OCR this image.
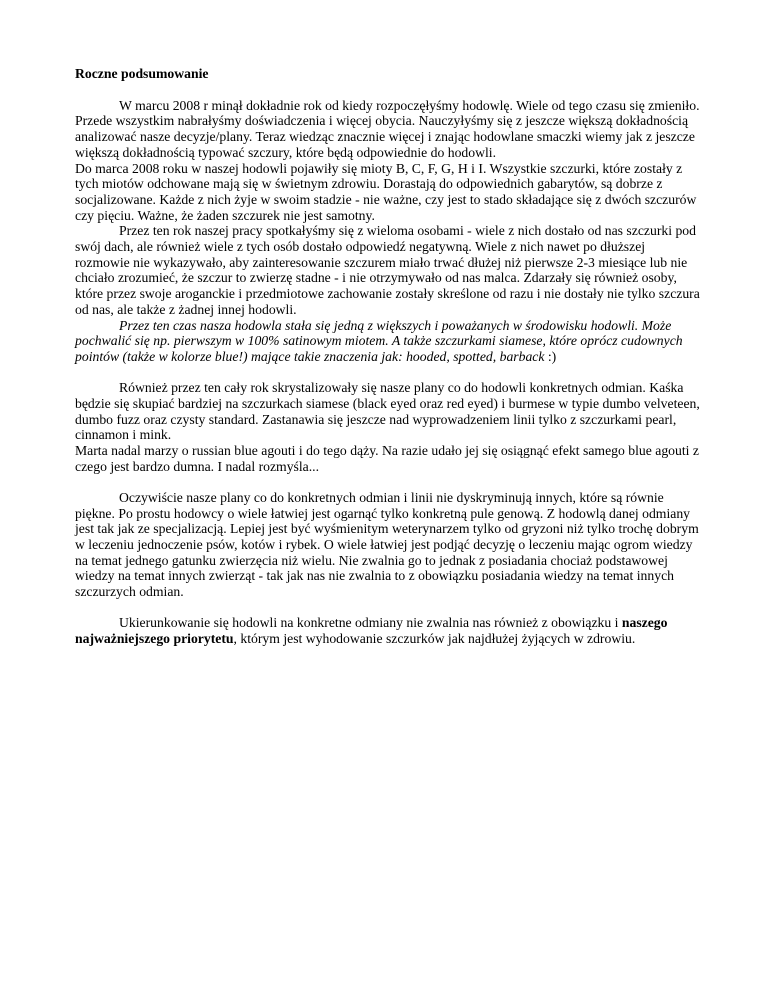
Roczne podsumowanie

W marcu 2008 r minął dokładnie rok od kiedy rozpoczęłyśmy hodowlę. Wiele od tego czasu się zmieniło. Przede wszystkim nabrałyśmy doświadczenia i więcej obycia. Nauczyłyśmy się z jeszcze większą dokładnością analizować nasze decyzje/plany. Teraz wiedząc znacznie więcej i znając hodowlane smaczki wiemy jak z jeszcze większą dokładnością typować szczury, które będą odpowiednie do hodowli.

Do marca 2008 roku w naszej hodowli pojawiły się mioty B, C, F, G, H i I. Wszystkie szczurki, które zostały z tych miotów odchowane mają się w świetnym zdrowiu. Dorastają do odpowiednich gabarytów, są dobrze z socjalizowane. Każde z nich żyje w swoim stadzie - nie ważne, czy jest to stado składające się z dwóch szczurów czy pięciu. Ważne, że żaden szczurek nie jest samotny.

Przez ten rok naszej pracy spotkałyśmy się z wieloma osobami - wiele z nich dostało od nas szczurki pod swój dach, ale również wiele z tych osób dostało odpowiedź negatywną. Wiele z nich nawet po dłuższej rozmowie nie wykazywało, aby zainteresowanie szczurem miało trwać dłużej niż pierwsze 2-3 miesiące lub nie chciało zrozumieć, że szczur to zwierzę stadne - i nie otrzymywało od nas malca. Zdarzały się również osoby, które przez swoje aroganckie i przedmiotowe zachowanie zostały skreślone od razu i nie dostały nie tylko szczura od nas, ale także z żadnej innej hodowli.

Przez ten czas nasza hodowla stała się jedną z większych i poważanych w środowisku hodowli. Może pochwalić się np. pierwszym w 100% satinowym miotem. A także szczurkami siamese, które oprócz cudownych pointów (także w kolorze blue!) mające takie znaczenia jak: hooded, spotted, barback :)

Również przez ten cały rok skrystalizowały się nasze plany co do hodowli konkretnych odmian. Kaśka będzie się skupiać bardziej na szczurkach siamese (black eyed oraz red eyed) i burmese w typie dumbo velveteen, dumbo fuzz oraz czysty standard. Zastanawia się jeszcze nad wyprowadzeniem linii tylko z szczurkami pearl, cinnamon i mink.

Marta nadal marzy o russian blue agouti i do tego dąży. Na razie udało jej się osiągnąć efekt samego blue agouti z czego jest bardzo dumna. I nadal rozmyśla...

Oczywiście nasze plany co do konkretnych odmian i linii nie dyskryminują innych, które są równie piękne. Po prostu hodowcy o wiele łatwiej jest ogarnąć tylko konkretną pule genową. Z hodowlą danej odmiany jest tak jak ze specjalizacją. Lepiej jest być wyśmienitym weterynarzem tylko od gryzoni niż tylko trochę dobrym w leczeniu jednoczenie psów, kotów i rybek. O wiele łatwiej jest podjąć decyzję o leczeniu mając ogrom wiedzy na temat jednego gatunku zwierzęcia niż wielu. Nie zwalnia go to jednak z posiadania chociaż podstawowej wiedzy na temat innych zwierząt - tak jak nas nie zwalnia to z obowiązku posiadania wiedzy na temat innych szczurzych odmian.

Ukierunkowanie się hodowli na konkretne odmiany nie zwalnia nas również z obowiązku i naszego najważniejszego priorytetu, którym jest wyhodowanie szczurków jak najdłużej żyjących w zdrowiu.
